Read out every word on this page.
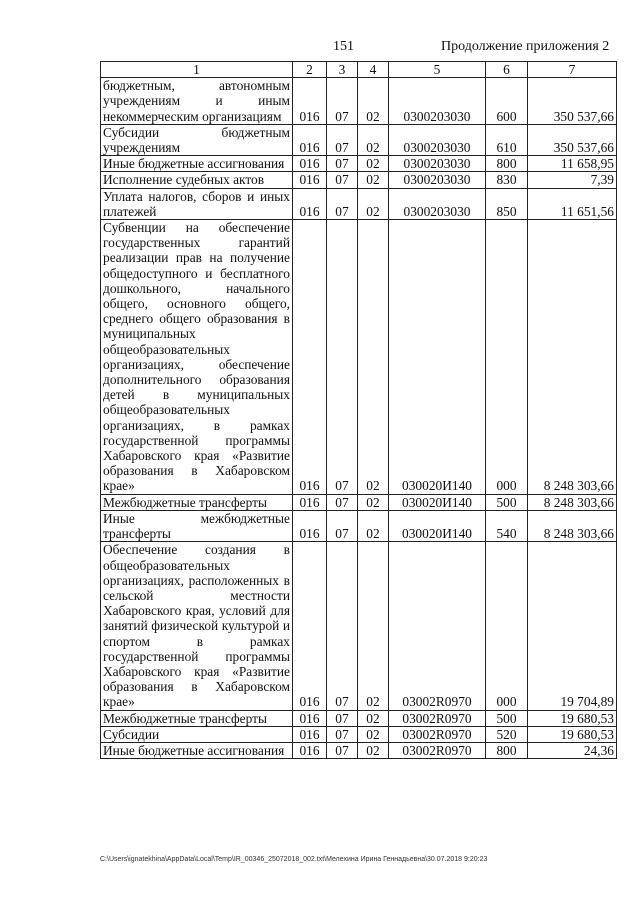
151	Продолжение приложения 2
1	2	3	4	5	6	7
бюджетным, автономным учреждениям и иным некоммерческим организациям	016	07	02	0300203030	600	350 537,66
Субсидии бюджетным учреждениям	016	07	02	0300203030	610	350 537,66
Иные бюджетные ассигнования	016	07	02	0300203030	800	11 658,95
Исполнение судебных актов	016	07	02	0300203030	830	7,39
Уплата налогов, сборов и иных платежей	016	07	02	0300203030	850	11 651,56
Субвенции на обеспечение государственных гарантий реализации прав на получение общедоступного и бесплатного дошкольного, начального общего, основного общего, среднего общего образования в муниципальных общеобразовательных организациях, обеспечение дополнительного образования детей в муниципальных общеобразовательных организациях, в рамках государственной программы Хабаровского края «Развитие образования в Хабаровском крае»	016	07	02	030020И140	000	8 248 303,66
Межбюджетные трансферты	016	07	02	030020И140	500	8 248 303,66
Иные межбюджетные трансферты	016	07	02	030020И140	540	8 248 303,66
Обеспечение создания в общеобразовательных организациях, расположенных в сельской местности Хабаровского края, условий для занятий физической культурой и спортом в рамках государственной программы Хабаровского края «Развитие образования в Хабаровском крае»	016	07	02	03002R0970	000	19 704,89
Межбюджетные трансферты	016	07	02	03002R0970	500	19 680,53
Субсидии	016	07	02	03002R0970	520	19 680,53
Иные бюджетные ассигнования	016	07	02	03002R0970	800	24,36
C:\Users\ignatekhina\AppData\Local\Temp\IR_00346_25072018_002.txt\Мелехина Ирина Геннадьевна\30.07.2018 9:20:23
